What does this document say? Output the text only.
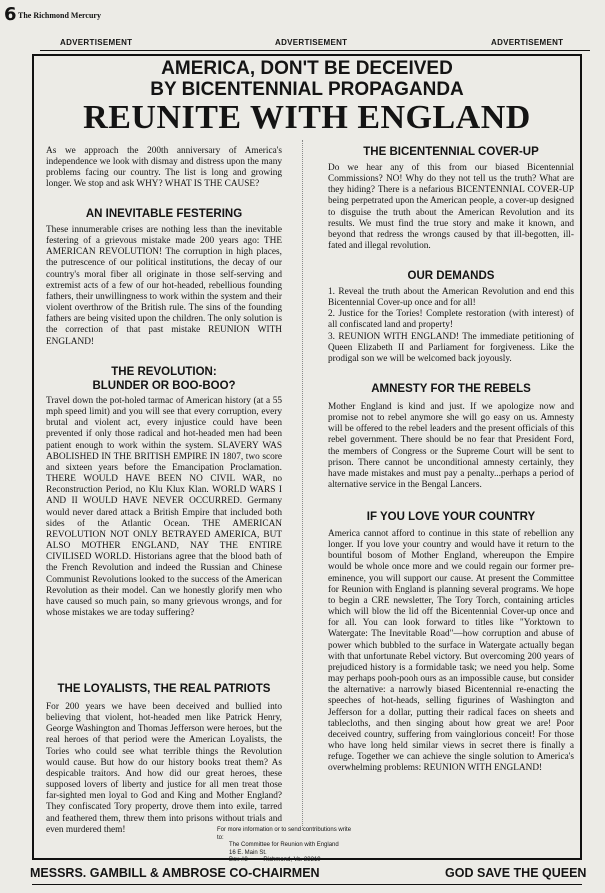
6 The Richmond Mercury
ADVERTISEMENT	ADVERTISEMENT	ADVERTISEMENT
AMERICA, DON'T BE DECEIVED
BY BICENTENNIAL PROPAGANDA
REUNITE WITH ENGLAND
As we approach the 200th anniversary of America's independence we look with dismay and distress upon the many problems facing our country. The list is long and growing longer. We stop and ask WHY? WHAT IS THE CAUSE?
AN INEVITABLE FESTERING
These innumerable crises are nothing less than the inevitable festering of a grievous mistake made 200 years ago: THE AMERICAN REVOLUTION! The corruption in high places, the putrescence of our political institutions, the decay of our country's moral fiber all originate in those self-serving and extremist acts of a few of our hot-headed, rebellious founding fathers, their unwillingness to work within the system and their violent overthrow of the British rule. The sins of the founding fathers are being visited upon the children. The only solution is the correction of that past mistake REUNION WITH ENGLAND!
THE REVOLUTION:
BLUNDER OR BOO-BOO?
Travel down the pot-holed tarmac of American history (at a 55 mph speed limit) and you will see that every corruption, every brutal and violent act, every injustice could have been prevented if only those radical and hot-headed men had been patient enough to work within the system. SLAVERY WAS ABOLISHED IN THE BRITISH EMPIRE IN 1807, two score and sixteen years before the Emancipation Proclamation. THERE WOULD HAVE BEEN NO CIVIL WAR, no Reconstruction Period, no Klu Klux Klan. WORLD WARS I AND II WOULD HAVE NEVER OCCURRED. Germany would never dared attack a British Empire that included both sides of the Atlantic Ocean. THE AMERICAN REVOLUTION NOT ONLY BETRAYED AMERICA, BUT ALSO MOTHER ENGLAND, NAY THE ENTIRE CIVILISED WORLD. Historians agree that the blood bath of the French Revolution and indeed the Russian and Chinese Communist Revolutions looked to the success of the American Revolution as their model. Can we honestly glorify men who have caused so much pain, so many grievous wrongs, and for whose mistakes we are today suffering?
THE LOYALISTS, THE REAL PATRIOTS
For 200 years we have been deceived and bullied into believing that violent, hot-headed men like Patrick Henry, George Washington and Thomas Jefferson were heroes, but the real heroes of that period were the American Loyalists, the Tories who could see what terrible things the Revolution would cause. But how do our history books treat them? As despicable traitors. And how did our great heroes, these supposed lovers of liberty and justice for all men treat those far-sighted men loyal to God and King and Mother England? They confiscated Tory property, drove them into exile, tarred and feathered them, threw them into prisons without trials and even murdered them!
THE BICENTENNIAL COVER-UP
Do we hear any of this from our biased Bicentennial Commissions? NO! Why do they not tell us the truth? What are they hiding? There is a nefarious BICENTENNIAL COVER-UP being perpetrated upon the American people, a cover-up designed to disguise the truth about the American Revolution and its results. We must find the true story and make it known, and beyond that redress the wrongs caused by that ill-begotten, ill-fated and illegal revolution.
OUR DEMANDS
1. Reveal the truth about the American Revolution and end this Bicentennial Cover-up once and for all!
2. Justice for the Tories! Complete restoration (with interest) of all confiscated land and property!
3. REUNION WITH ENGLAND! The immediate petitioning of Queen Elizabeth II and Parliament for forgiveness. Like the prodigal son we will be welcomed back joyously.
AMNESTY FOR THE REBELS
Mother England is kind and just. If we apologize now and promise not to rebel anymore she will go easy on us. Amnesty will be offered to the rebel leaders and the present officials of this rebel government. There should be no fear that President Ford, the members of Congress or the Supreme Court will be sent to prison. There cannot be unconditional amnesty certainly, they have made mistakes and must pay a penalty...perhaps a period of alternative service in the Bengal Lancers.
IF YOU LOVE YOUR COUNTRY
America cannot afford to continue in this state of rebellion any longer. If you love your country and would have it return to the bountiful bosom of Mother England, whereupon the Empire would be whole once more and we could regain our former pre-eminence, you will support our cause. At present the Committee for Reunion with England is planning several programs. We hope to begin a CRE newsletter, The Tory Torch, containing articles which will blow the lid off the Bicentennial Cover-up once and for all. You can look forward to titles like "Yorktown to Watergate: The Inevitable Road"—how corruption and abuse of power which bubbled to the surface in Watergate actually began with that unfortunate Rebel victory. But overcoming 200 years of prejudiced history is a formidable task; we need you help. Some may perhaps pooh-pooh ours as an impossible cause, but consider the alternative: a narrowly biased Bicentennial re-enacting the speeches of hot-heads, selling figurines of Washington and Jefferson for a dollar, putting their radical faces on sheets and tablecloths, and then singing about how great we are! Poor deceived country, suffering from vainglorious conceit! For those who have long held similar views in secret there is finally a refuge. Together we can achieve the single solution to America's overwhelming problems: REUNION WITH ENGLAND!
For more information or to send contributions write
to:
The Committee for Reunion with England
16 E. Main St.
Box #8	Richmond, Va. 23219
MESSRS. GAMBILL & AMBROSE CO-CHAIRMEN	GOD SAVE THE QUEEN
